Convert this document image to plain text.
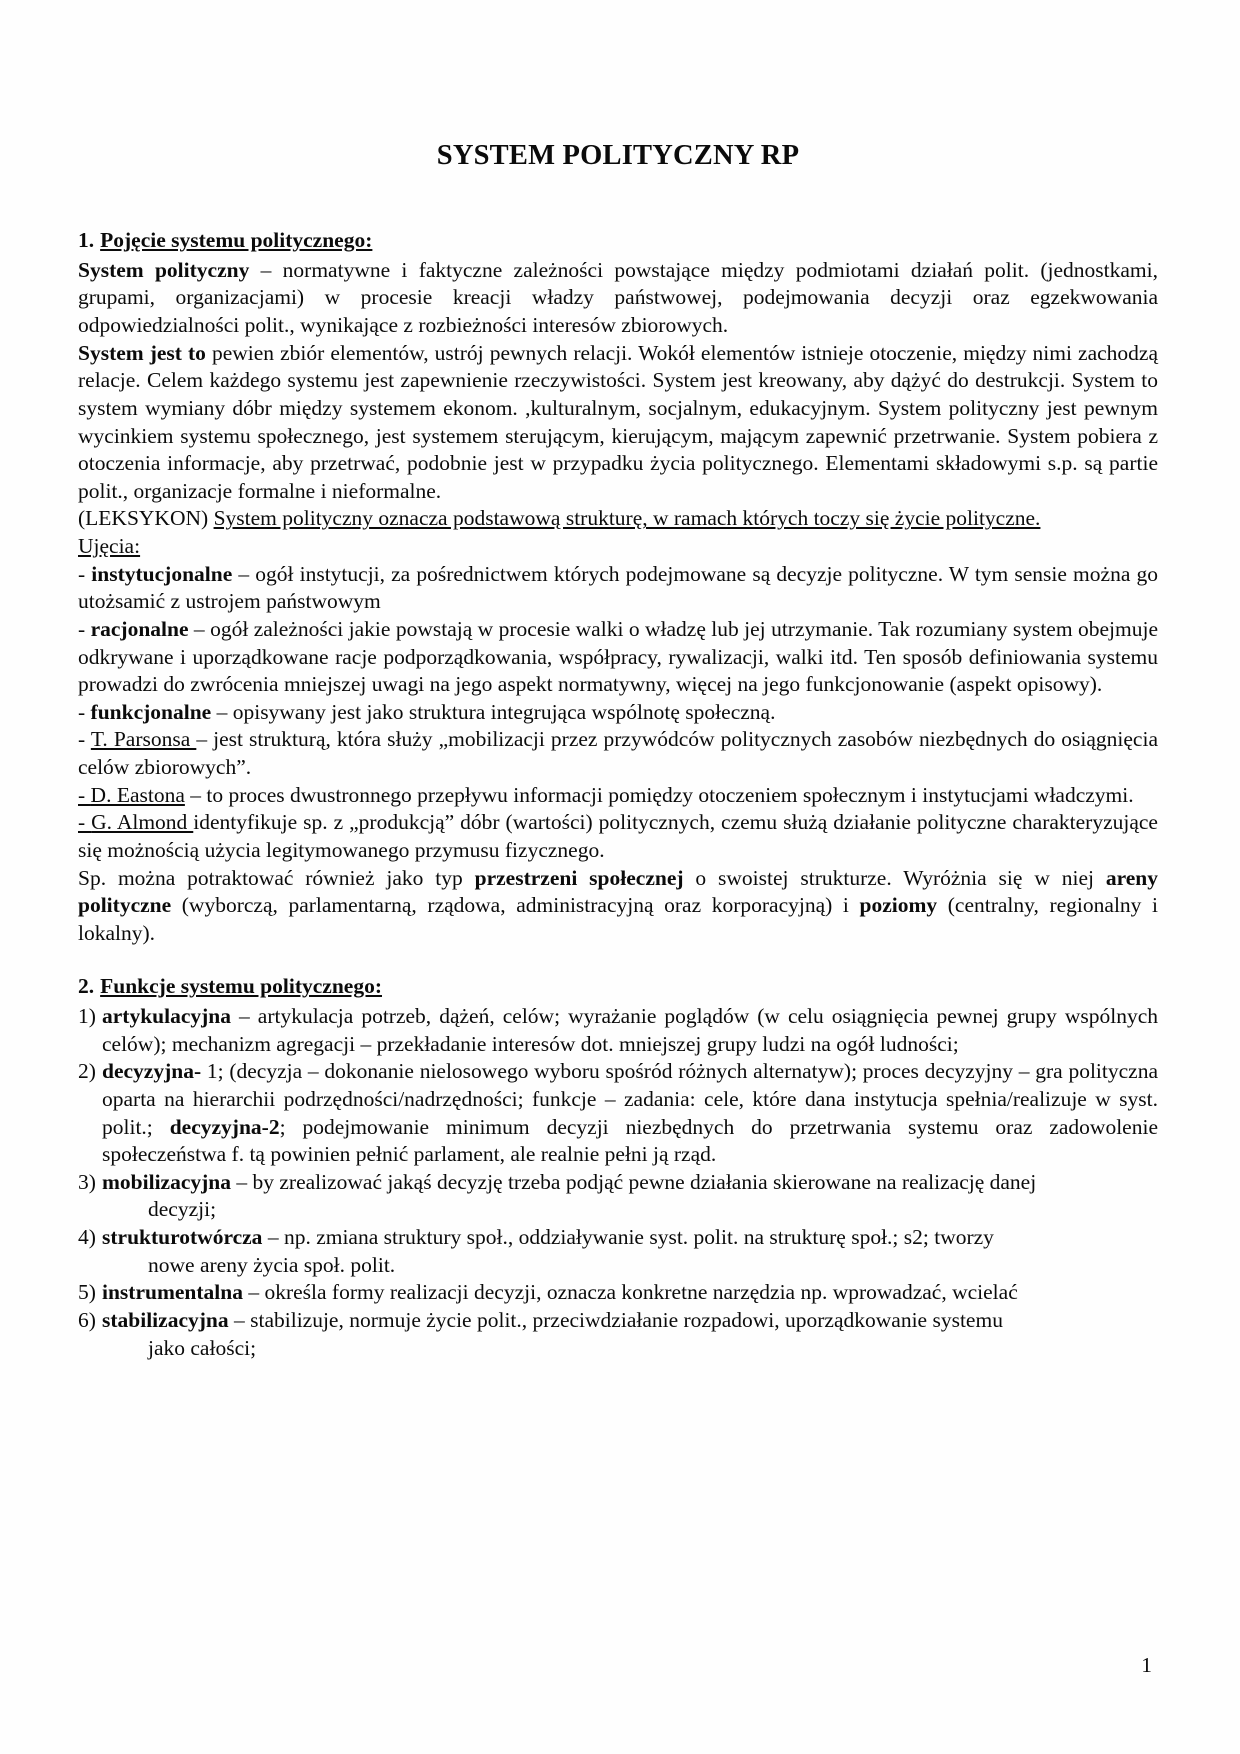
SYSTEM POLITYCZNY RP
1. Pojęcie systemu politycznego:

System polityczny – normatywne i faktyczne zależności powstające między podmiotami działań polit. (jednostkami, grupami, organizacjami) w procesie kreacji władzy państwowej, podejmowania decyzji oraz egzekwowania odpowiedzialności polit., wynikające z rozbieżności interesów zbiorowych.

System jest to pewien zbiór elementów, ustrój pewnych relacji. Wokół elementów istnieje otoczenie, między nimi zachodzą relacje. Celem każdego systemu jest zapewnienie rzeczywistości. System jest kreowany, aby dążyć do destrukcji. System to system wymiany dóbr między systemem ekonom. ,kulturalnym, socjalnym, edukacyjnym. System polityczny jest pewnym wycinkiem systemu społecznego, jest systemem sterującym, kierującym, mającym zapewnić przetrwanie. System pobiera z otoczenia informacje, aby przetrwać, podobnie jest w przypadku życia politycznego. Elementami składowymi s.p. są partie polit., organizacje formalne i nieformalne.

(LEKSYKON) System polityczny oznacza podstawową strukturę, w ramach których toczy się życie polityczne.

Ujęcia:

- instytucjonalne – ogół instytucji, za pośrednictwem których podejmowane są decyzje polityczne. W tym sensie można go utożsamić z ustrojem państwowym

- racjonalne – ogół zależności jakie powstają w procesie walki o władzę lub jej utrzymanie. Tak rozumiany system obejmuje odkrywane i uporządkowane racje podporządkowania, współpracy, rywalizacji, walki itd. Ten sposób definiowania systemu prowadzi do zwrócenia mniejszej uwagi na jego aspekt normatywny, więcej na jego funkcjonowanie (aspekt opisowy).

- funkcjonalne – opisywany jest jako struktura integrująca wspólnotę społeczną.

- T. Parsonsa – jest strukturą, która służy „mobilizacji przez przywódców politycznych zasobów niezbędnych do osiągnięcia celów zbiorowych”.

- D. Eastona – to proces dwustronnego przepływu informacji pomiędzy otoczeniem społecznym i instytucjami władczymi.

- G. Almond identyfikuje sp. z „produkcją” dóbr (wartości) politycznych, czemu służą działanie polityczne charakteryzujące się możnością użycia legitymowanego przymusu fizycznego.

Sp. można potraktować również jako typ przestrzeni społecznej o swoistej strukturze. Wyróżnia się w niej areny polityczne (wyborczą, parlamentarną, rządowa, administracyjną oraz korporacyjną) i poziomy (centralny, regionalny i lokalny).

2. Funkcje systemu politycznego:
1) artykulacyjna – artykulacja potrzeb, dążeń, celów; wyrażanie poglądów (w celu osiągnięcia pewnej grupy wspólnych celów); mechanizm agregacji – przekładanie interesów dot. mniejszej grupy ludzi na ogół ludności;
2) decyzyjna- 1; (decyzja – dokonanie nielosowego wyboru spośród różnych alternatyw); proces decyzyjny – gra polityczna oparta na hierarchii podrzędności/nadrzędności; funkcje – zadania: cele, które dana instytucja spełnia/realizuje w syst. polit.; decyzyjna-2; podejmowanie minimum decyzji niezbędnych do przetrwania systemu oraz zadowolenie społeczeństwa f. tą powinien pełnić parlament, ale realnie pełni ją rząd.
3) mobilizacyjna – by zrealizować jakąś decyzję trzeba podjąć pewne działania skierowane na realizację danej
decyzji;
4) strukturotwórcza – np. zmiana struktury społ., oddziaływanie syst. polit. na strukturę społ.; s2; tworzy
nowe areny życia społ. polit.
5) instrumentalna – określa formy realizacji decyzji, oznacza konkretne narzędzia np. wprowadzać, wcielać
6) stabilizacyjna – stabilizuje, normuje życie polit., przeciwdziałanie rozpadowi, uporządkowanie systemu
jako całości;
1
